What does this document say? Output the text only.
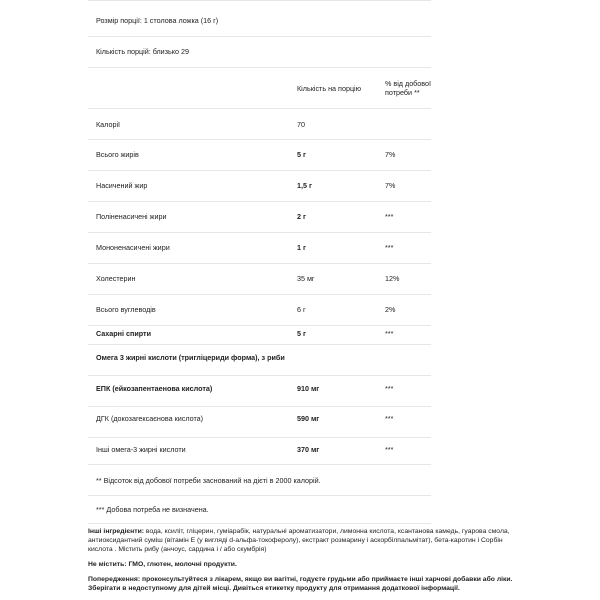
Розмір порції: 1 столова ложка (16 г)
Кількість порцій: близько 29
Кількість на порцію
% від добової потреби **
Калорії	70
Всього жирів	5 г	7%
Насичений жир	1,5 г	7%
Поліненасичені жири	2 г	***
Мононенасичені жири	1 г	***
Холестерин	35 мг	12%
Всього вуглеводів	6 г	2%
Сахарні спирти	5 г	***
Омега 3 жирні кислоти (тригліцериди форма), з риби
ЕПК (ейкозапентаенова кислота)	910 мг	***
ДГК (докозагексаєнова кислота)	590 мг	***
Інші омега-3 жирні кислоти	370 мг	***
** Відсоток від добової потреби заснований на дієті в 2000 калорій.
*** Добова потреба не визначена.

Інші інгредієнти: вода, ксиліт, гліцерин, гуміарабік, натуральні ароматизатори, лимонна кислота, ксантанова камедь, гуарова смола, антиоксидантний суміш (вітамін Е (у вигляді d-альфа-токоферолу), екстракт розмарину і аскорбілпальмітат), бета-каротин і Сорбін кислота . Містить рибу (анчоус, сардина і / або скумбрія)

Не містить: ГМО, глютен, молочні продукти.

Попередження: проконсультуйтеся з лікарем, якщо ви вагітні, годуєте грудьми або приймаєте інші харчові добавки або ліки. Зберігати в недоступному для дітей місці. Дивіться етикетку продукту для отримання додаткової інформації.
